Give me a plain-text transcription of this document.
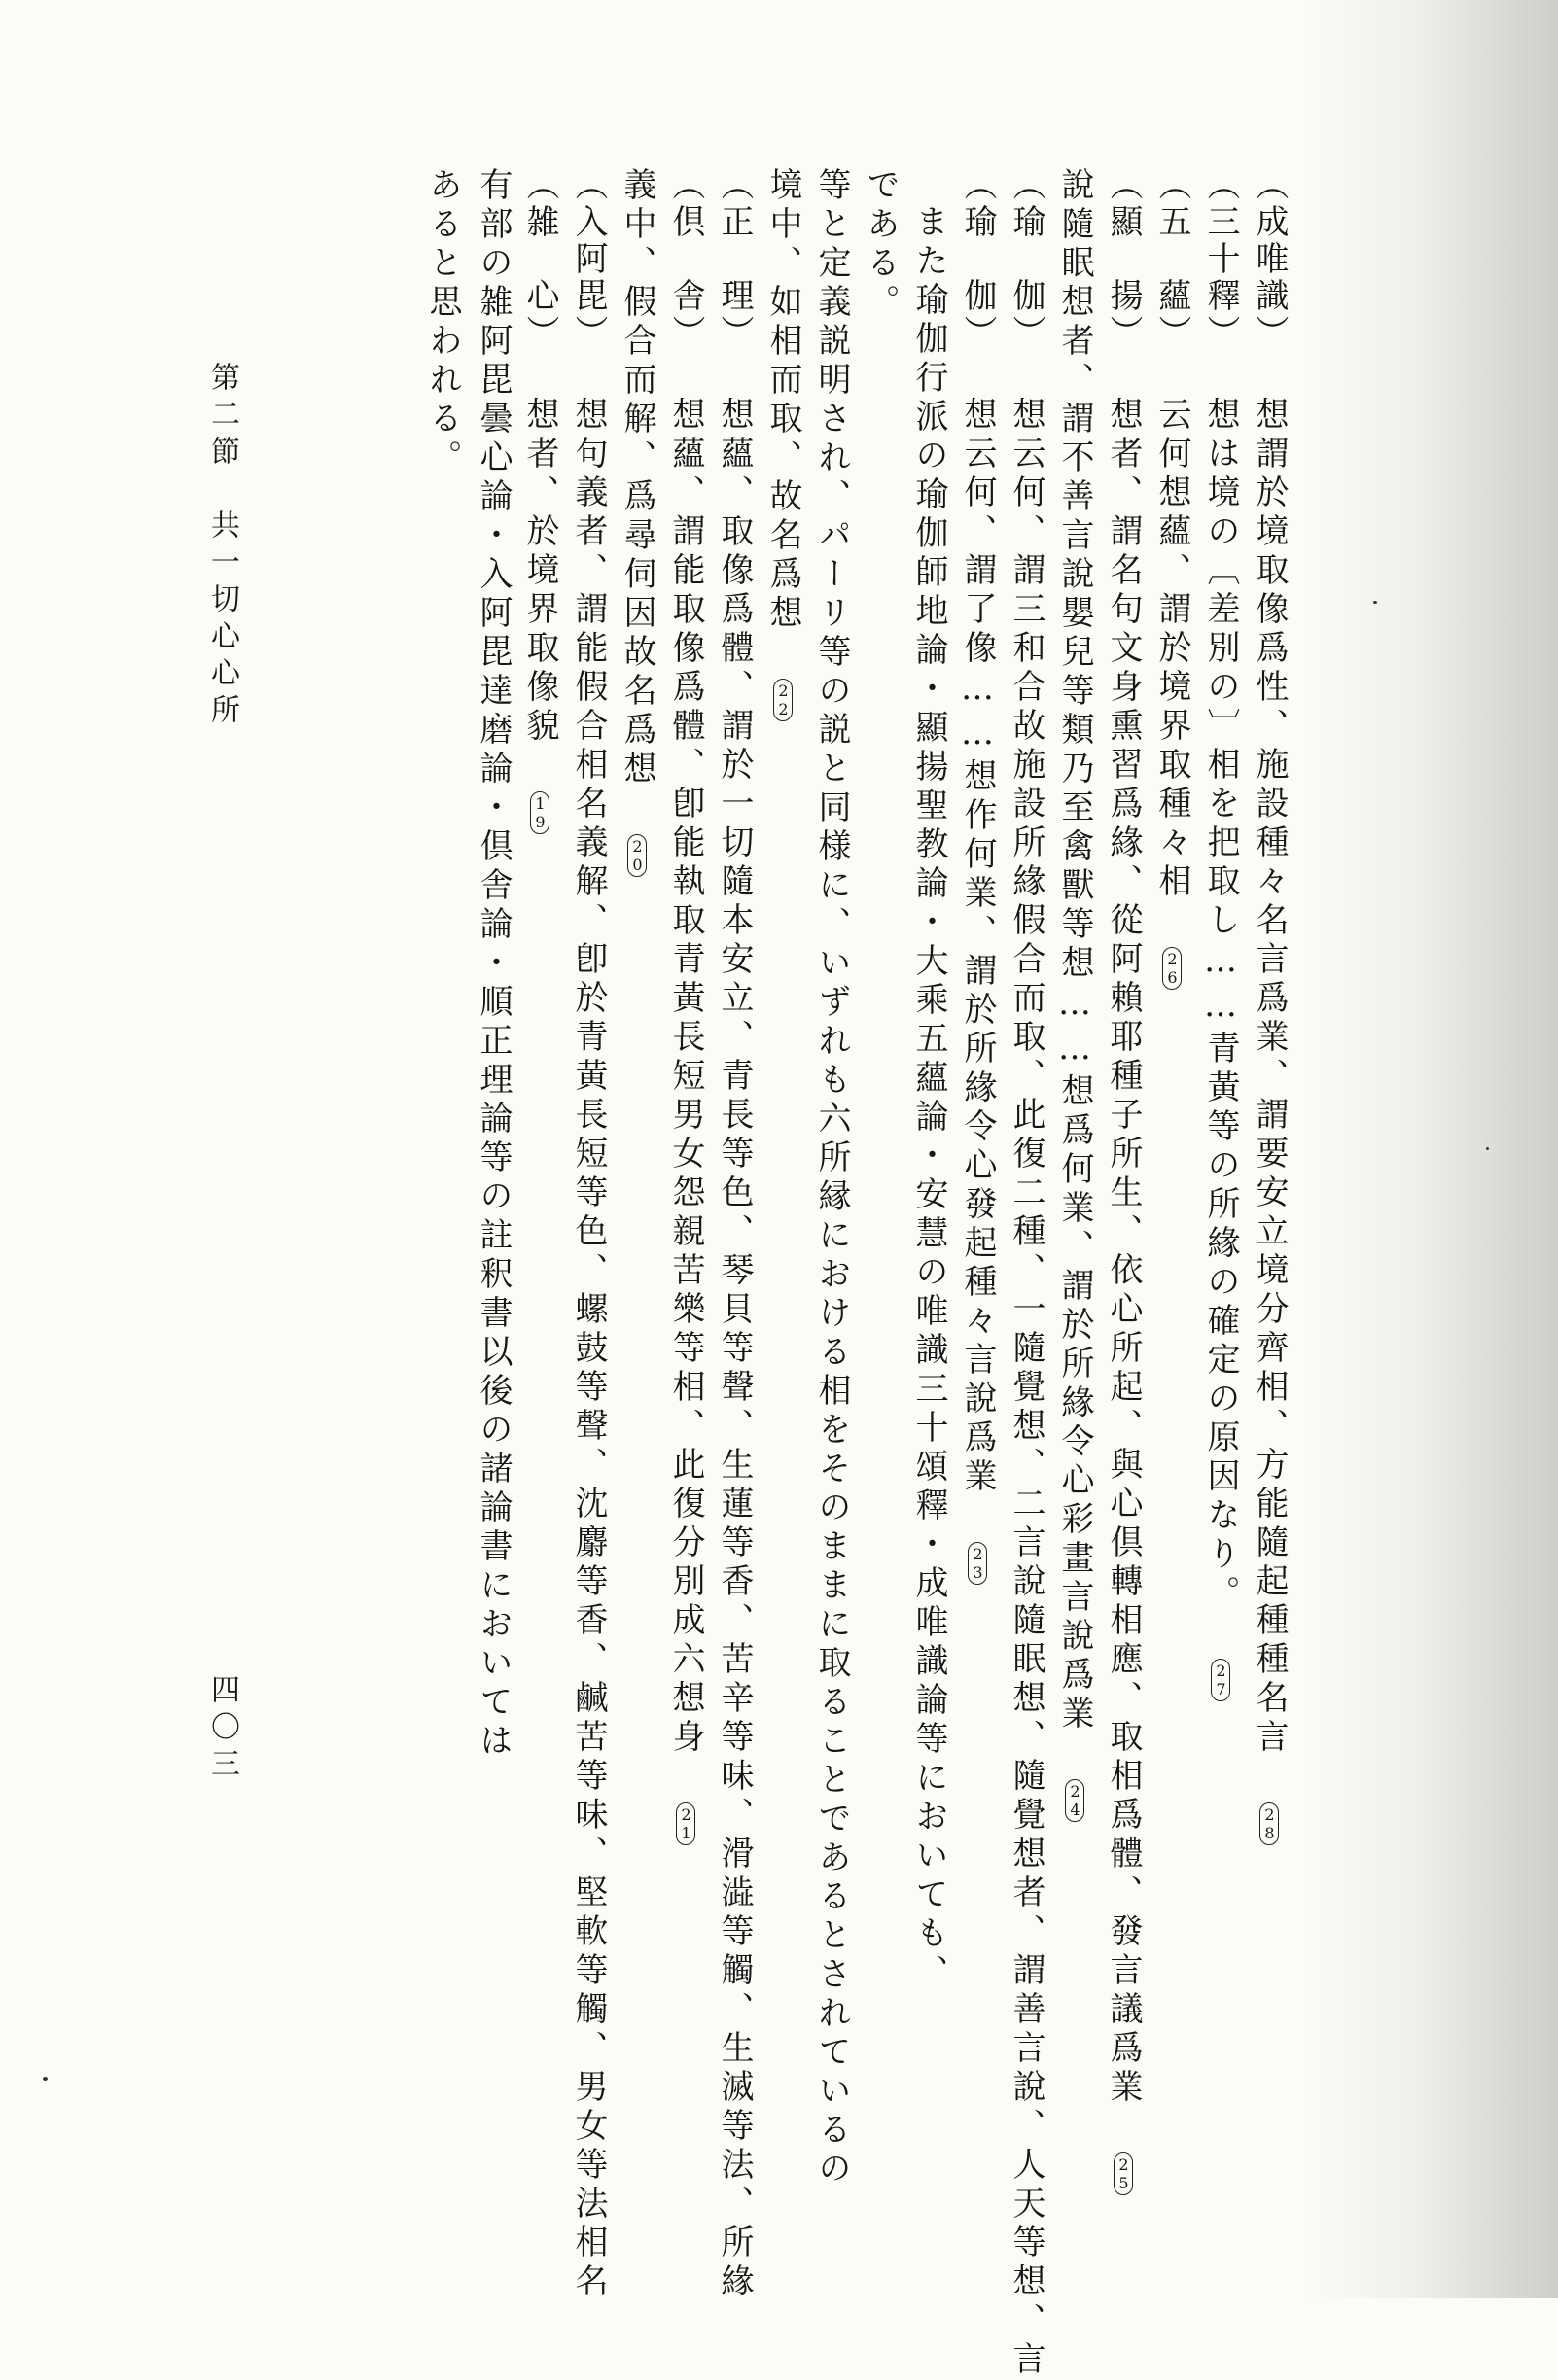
あると思われる。 有部の雑阿毘曇心論・入阿毘達磨論・倶舎論・順正理論等の註釈書以後の諸論書においては （雑　心） 想者、於境界取像貌 19
（入阿毘） 想句義者、謂能假合相名義解、卽於青黃長短等色、螺鼓等聲、沈麝等香、鹹苦等味、堅軟等觸、男女等法相名 義中、假合而解、爲尋伺因故名爲想 20
（倶　舎） 想蘊、謂能取像爲體、卽能執取青黃長短男女怨親苦樂等相、此復分別成六想身 21
（正　理） 想蘊、取像爲體、謂於一切隨本安立、青長等色、琴貝等聲、生蓮等香、苦辛等味、滑澁等觸、生滅等法、所緣 境中、如相而取、故名爲想 22 等と定義説明され、パーリ等の説と同様に、いずれも六所縁における相をそのままに取ることであるとされているの である。 また瑜伽行派の瑜伽師地論・顯揚聖教論・大乘五蘊論・安慧の唯識三十頌釋・成唯識論等においても、 （瑜　伽） 想云何、謂了像……想作何業、謂於所緣令心發起種々言說爲業 23
（瑜　伽） 想云何、謂三和合故施設所緣假合而取、此復二種、一隨覺想、二言說隨眠想、隨覺想者、謂善言說、人天等想、言 說隨眠想者、謂不善言說嬰兒等類乃至禽獸等想……想爲何業、謂於所緣令心彩畫言說爲業 24
（顯　揚） 想者、謂名句文身熏習爲緣、從阿賴耶種子所生、依心所起、與心倶轉相應、取相爲體、發言議爲業 25
（五　蘊） 云何想蘊、謂於境界取種々相 26
（三十釋） 想は境の〔差別の〕相を把取し……青黃等の所緣の確定の原因なり。 27
（成唯識） 想謂於境取像爲性、施設種々名言爲業、謂要安立境分齊相、方能隨起種種名言 28
第二節　共一切心心所
四〇三
